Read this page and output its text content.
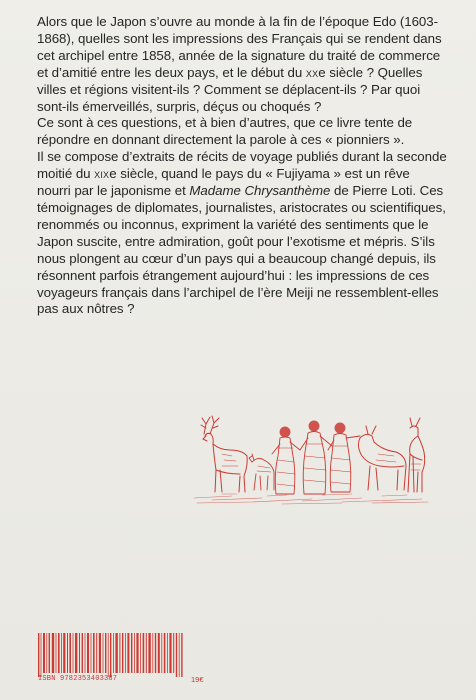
Alors que le Japon s’ouvre au monde à la fin de l’époque Edo (1603-1868), quelles sont les impressions des Français qui se rendent dans cet archipel entre 1858, année de la signature du traité de commerce et d’amitié entre les deux pays, et le début du xxe siècle ? Quelles villes et régions visitent-ils ? Comment se déplacent-ils ? Par quoi sont-ils émerveillés, surpris, déçus ou choqués ?

Ce sont à ces questions, et à bien d’autres, que ce livre tente de répondre en donnant directement la parole à ces « pionniers ».

Il se compose d’extraits de récits de voyage publiés durant la seconde moitié du xixe siècle, quand le pays du « Fujiyama » est un rêve nourri par le japonisme et Madame Chrysanthème de Pierre Loti. Ces témoignages de diplomates, journalistes, aristocrates ou scientifiques, renommés ou inconnus, expriment la variété des sentiments que le Japon suscite, entre admiration, goût pour l’exotisme et mépris. S’ils nous plongent au cœur d’un pays qui a beaucoup changé depuis, ils résonnent parfois étrangement aujourd’hui : les impressions de ces voyageurs français dans l’archipel de l’ère Meiji ne ressemblent-elles pas aux nôtres ?

ISBN 9782353403387	19€
